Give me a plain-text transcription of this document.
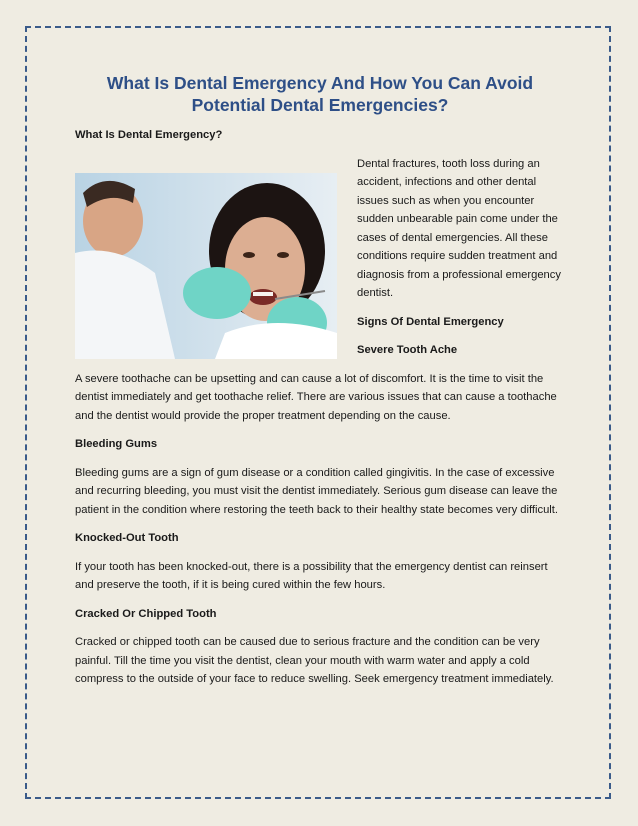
What Is Dental Emergency And How You Can Avoid Potential Dental Emergencies?

What Is Dental Emergency?

Dental fractures, tooth loss during an accident, infections and other dental issues such as when you encounter sudden unbearable pain come under the cases of dental emergencies. All these conditions require sudden treatment and diagnosis from a professional emergency dentist.

Signs Of Dental Emergency

Severe Tooth Ache

A severe toothache can be upsetting and can cause a lot of discomfort. It is the time to visit the dentist immediately and get toothache relief. There are various issues that can cause a toothache and the dentist would provide the proper treatment depending on the cause.

Bleeding Gums

Bleeding gums are a sign of gum disease or a condition called gingivitis. In the case of excessive and recurring bleeding, you must visit the dentist immediately. Serious gum disease can leave the patient in the condition where restoring the teeth back to their healthy state becomes very difficult.

Knocked-Out Tooth

If your tooth has been knocked-out, there is a possibility that the emergency dentist can reinsert and preserve the tooth, if it is being cured within the few hours.

Cracked Or Chipped Tooth

Cracked or chipped tooth can be caused due to serious fracture and the condition can be very painful. Till the time you visit the dentist, clean your mouth with warm water and apply a cold compress to the outside of your face to reduce swelling. Seek emergency treatment immediately.
